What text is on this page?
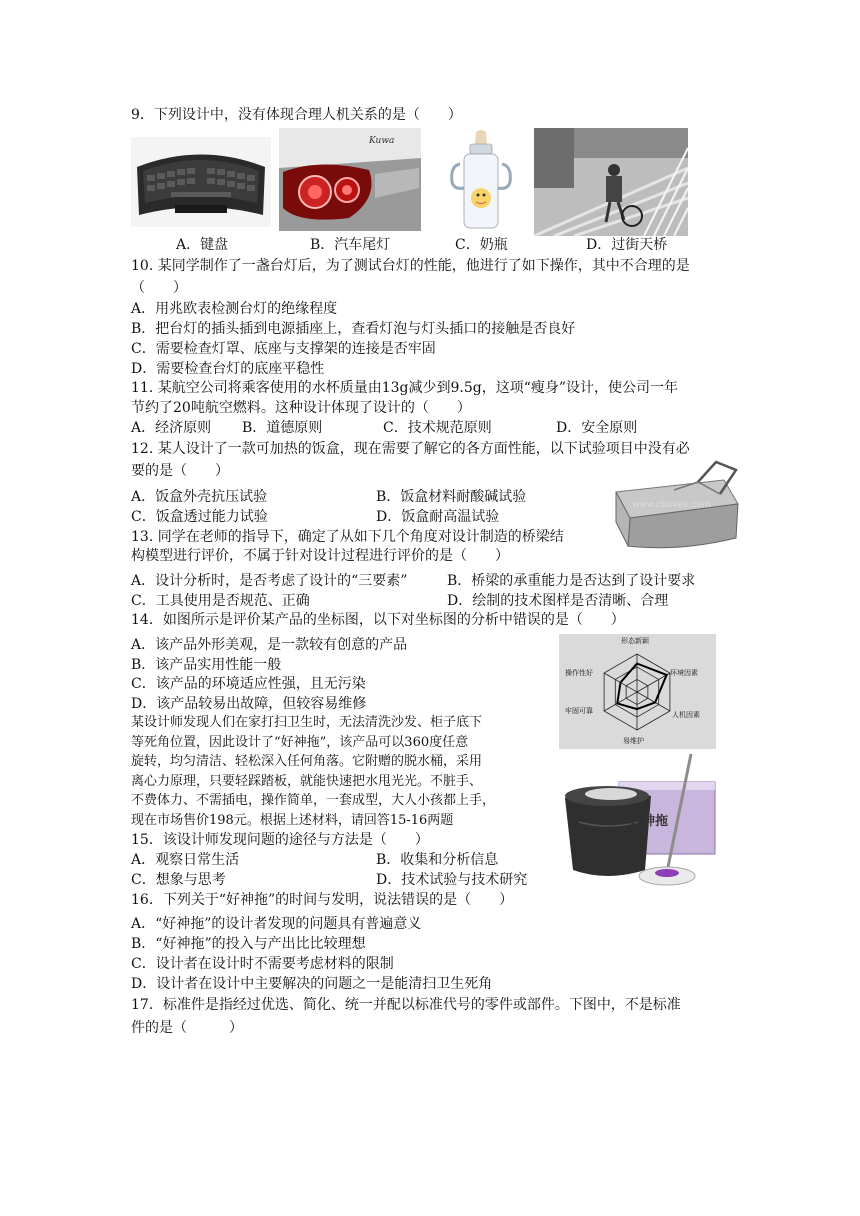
9．下列设计中，没有体现合理人机关系的是（　　）
Kuwa
A．键盘	B．汽车尾灯	C．奶瓶	D．过街天桥
10. 某同学制作了一盏台灯后，为了测试台灯的性能，他进行了如下操作，其中不合理的是
（　　）
A．用兆欧表检测台灯的绝缘程度
B．把台灯的插头插到电源插座上，查看灯泡与灯头插口的接触是否良好
C．需要检查灯罩、底座与支撑架的连接是否牢固
D．需要检查台灯的底座平稳性
11. 某航空公司将乘客使用的水杯质量由13g减少到9.5g，这项“瘦身”设计，使公司一年
节约了20吨航空燃料。这种设计体现了设计的（　　）
A．经济原则 B．道德原则	C．技术规范原则	D．安全原则
12. 某人设计了一款可加热的饭盒，现在需要了解它的各方面性能，以下试验项目中没有必
要的是（　　）
A．饭盒外壳抗压试验	B．饭盒材料耐酸碱试验
C．饭盒透过能力试验	D．饭盒耐高温试验
www.cbuvee.com
13. 同学在老师的指导下，确定了从如下几个角度对设计制造的桥梁结
构模型进行评价，不属于针对设计过程进行评价的是（　　）
A．设计分析时，是否考虑了设计的“三要素”	B．桥梁的承重能力是否达到了设计要求
C．工具使用是否规范、正确	D．绘制的技术图样是否清晰、合理
14．如图所示是评价某产品的坐标图，以下对坐标图的分析中错误的是（　　）
A．该产品外形美观，是一款较有创意的产品
B．该产品实用性能一般
C．该产品的环境适应性强，且无污染
D．该产品较易出故障，但较容易维修
形态新颖
环境因素
人机因素
易维护
牢固可靠
操作性好
某设计师发现人们在家打扫卫生时，无法清洗沙发、柜子底下
等死角位置，因此设计了“好神拖”，该产品可以360度任意
旋转，均匀清洁、轻松深入任何角落。它附赠的脱水桶，采用
离心力原理，只要轻踩踏板，就能快速把水甩光光。不脏手、
不费体力、不需插电，操作简单，一套成型，大人小孩都上手，
现在市场售价198元。根据上述材料，请回答15-16两题	好神拖
15．该设计师发现问题的途径与方法是（　　）
A．观察日常生活	B．收集和分析信息
C．想象与思考	D．技术试验与技术研究
16．下列关于“好神拖”的时间与发明，说法错误的是（　　）
A．“好神拖”的设计者发现的问题具有普遍意义
B．“好神拖”的投入与产出比比较理想
C．设计者在设计时不需要考虑材料的限制
D．设计者在设计中主要解决的问题之一是能清扫卫生死角
17．标准件是指经过优选、简化、统一并配以标准代号的零件或部件。下图中，不是标准
件的是（　　　）
